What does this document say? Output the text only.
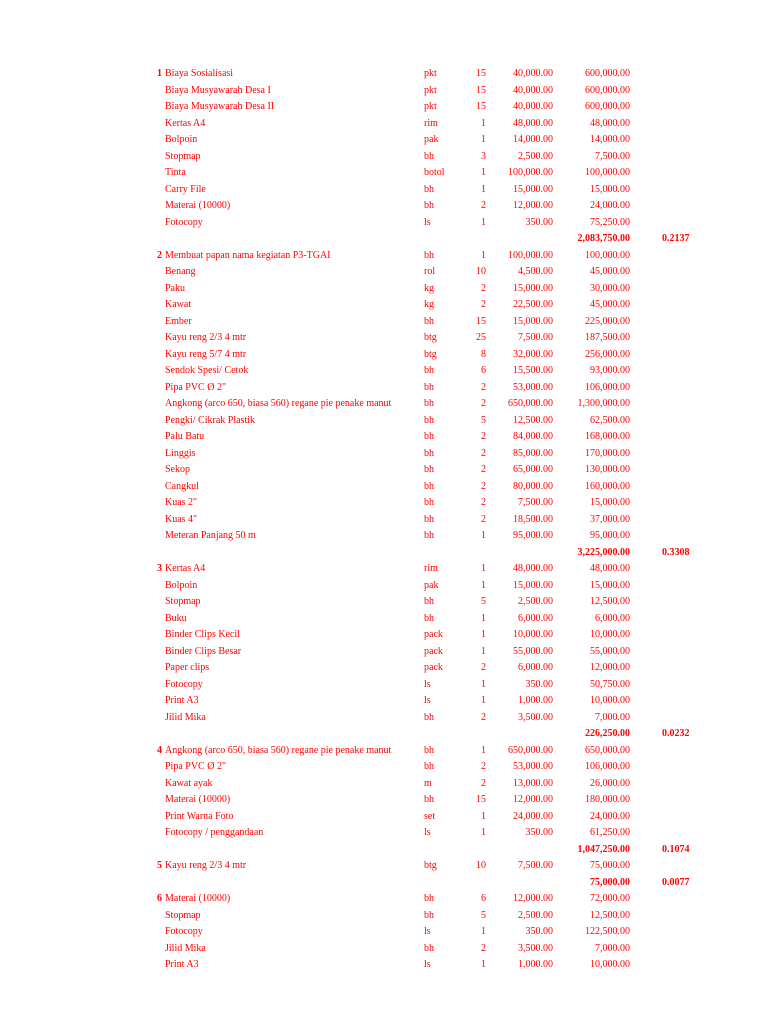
1 Biaya Sosialisasi	pkt	15	40,000.00	600,000.00
Biaya Musyawarah Desa I	pkt	15	40,000.00	600,000.00
Biaya Musyawarah Desa II	pkt	15	40,000.00	600,000.00
Kertas A4	rim	1	48,000.00	48,000.00
Bolpoin	pak	1	14,000.00	14,000.00
Stopmap	bh	3	2,500.00	7,500.00
Tinta	botol	1	100,000.00	100,000.00
Carry File	bh	1	15,000.00	15,000.00
Materai (10000)	bh	2	12,000.00	24,000.00
Fotocopy	ls	1	350.00	75,250.00
2,083,750.00	0.2137
2 Membuat papan nama kegiatan P3-TGAI	bh	1	100,000.00	100,000.00
Benang	rol	10	4,500.00	45,000.00
Paku	kg	2	15,000.00	30,000.00
Kawat	kg	2	22,500.00	45,000.00
Ember	bh	15	15,000.00	225,000.00
Kayu reng 2/3 4 mtr	btg	25	7,500.00	187,500.00
Kayu reng 5/7 4 mtr	btg	8	32,000.00	256,000.00
Sendok Spesi/ Cetok	bh	6	15,500.00	93,000.00
Pipa PVC Ø 2"	bh	2	53,000.00	106,000.00
Angkong (arco 650, biasa 560) regane pie penake manut	bh	2	650,000.00	1,300,000.00
Pengki/ Cikrak Plastik	bh	5	12,500.00	62,500.00
Palu Batu	bh	2	84,000.00	168,000.00
Linggis	bh	2	85,000.00	170,000.00
Sekop	bh	2	65,000.00	130,000.00
Cangkul	bh	2	80,000.00	160,000.00
Kuas 2"	bh	2	7,500.00	15,000.00
Kuas 4"	bh	2	18,500.00	37,000.00
Meteran Panjang 50 m	bh	1	95,000.00	95,000.00
3,225,000.00	0.3308
3 Kertas A4	rim	1	48,000.00	48,000.00
Bolpoin	pak	1	15,000.00	15,000.00
Stopmap	bh	5	2,500.00	12,500.00
Buku	bh	1	6,000.00	6,000.00
Binder Clips Kecil	pack	1	10,000.00	10,000.00
Binder Clips Besar	pack	1	55,000.00	55,000.00
Paper clips	pack	2	6,000.00	12,000.00
Fotocopy	ls	1	350.00	50,750.00
Print A3	ls	1	1,000.00	10,000.00
Jilid Mika	bh	2	3,500.00	7,000.00
226,250.00	0.0232
4 Angkong (arco 650, biasa 560) regane pie penake manut	bh	1	650,000.00	650,000.00
Pipa PVC Ø 2"	bh	2	53,000.00	106,000.00
Kawat ayak	m	2	13,000.00	26,000.00
Materai (10000)	bh	15	12,000.00	180,000.00
Print Warna Foto	set	1	24,000.00	24,000.00
Fotocopy / penggandaan	ls	1	350.00	61,250.00
1,047,250.00	0.1074
5 Kayu reng 2/3 4 mtr	btg	10	7,500.00	75,000.00
75,000.00	0.0077
6 Materai (10000)	bh	6	12,000.00	72,000.00
Stopmap	bh	5	2,500.00	12,500.00
Fotocopy	ls	1	350.00	122,500.00
Jilid Mika	bh	2	3,500.00	7,000.00
Print A3	ls	1	1,000.00	10,000.00
